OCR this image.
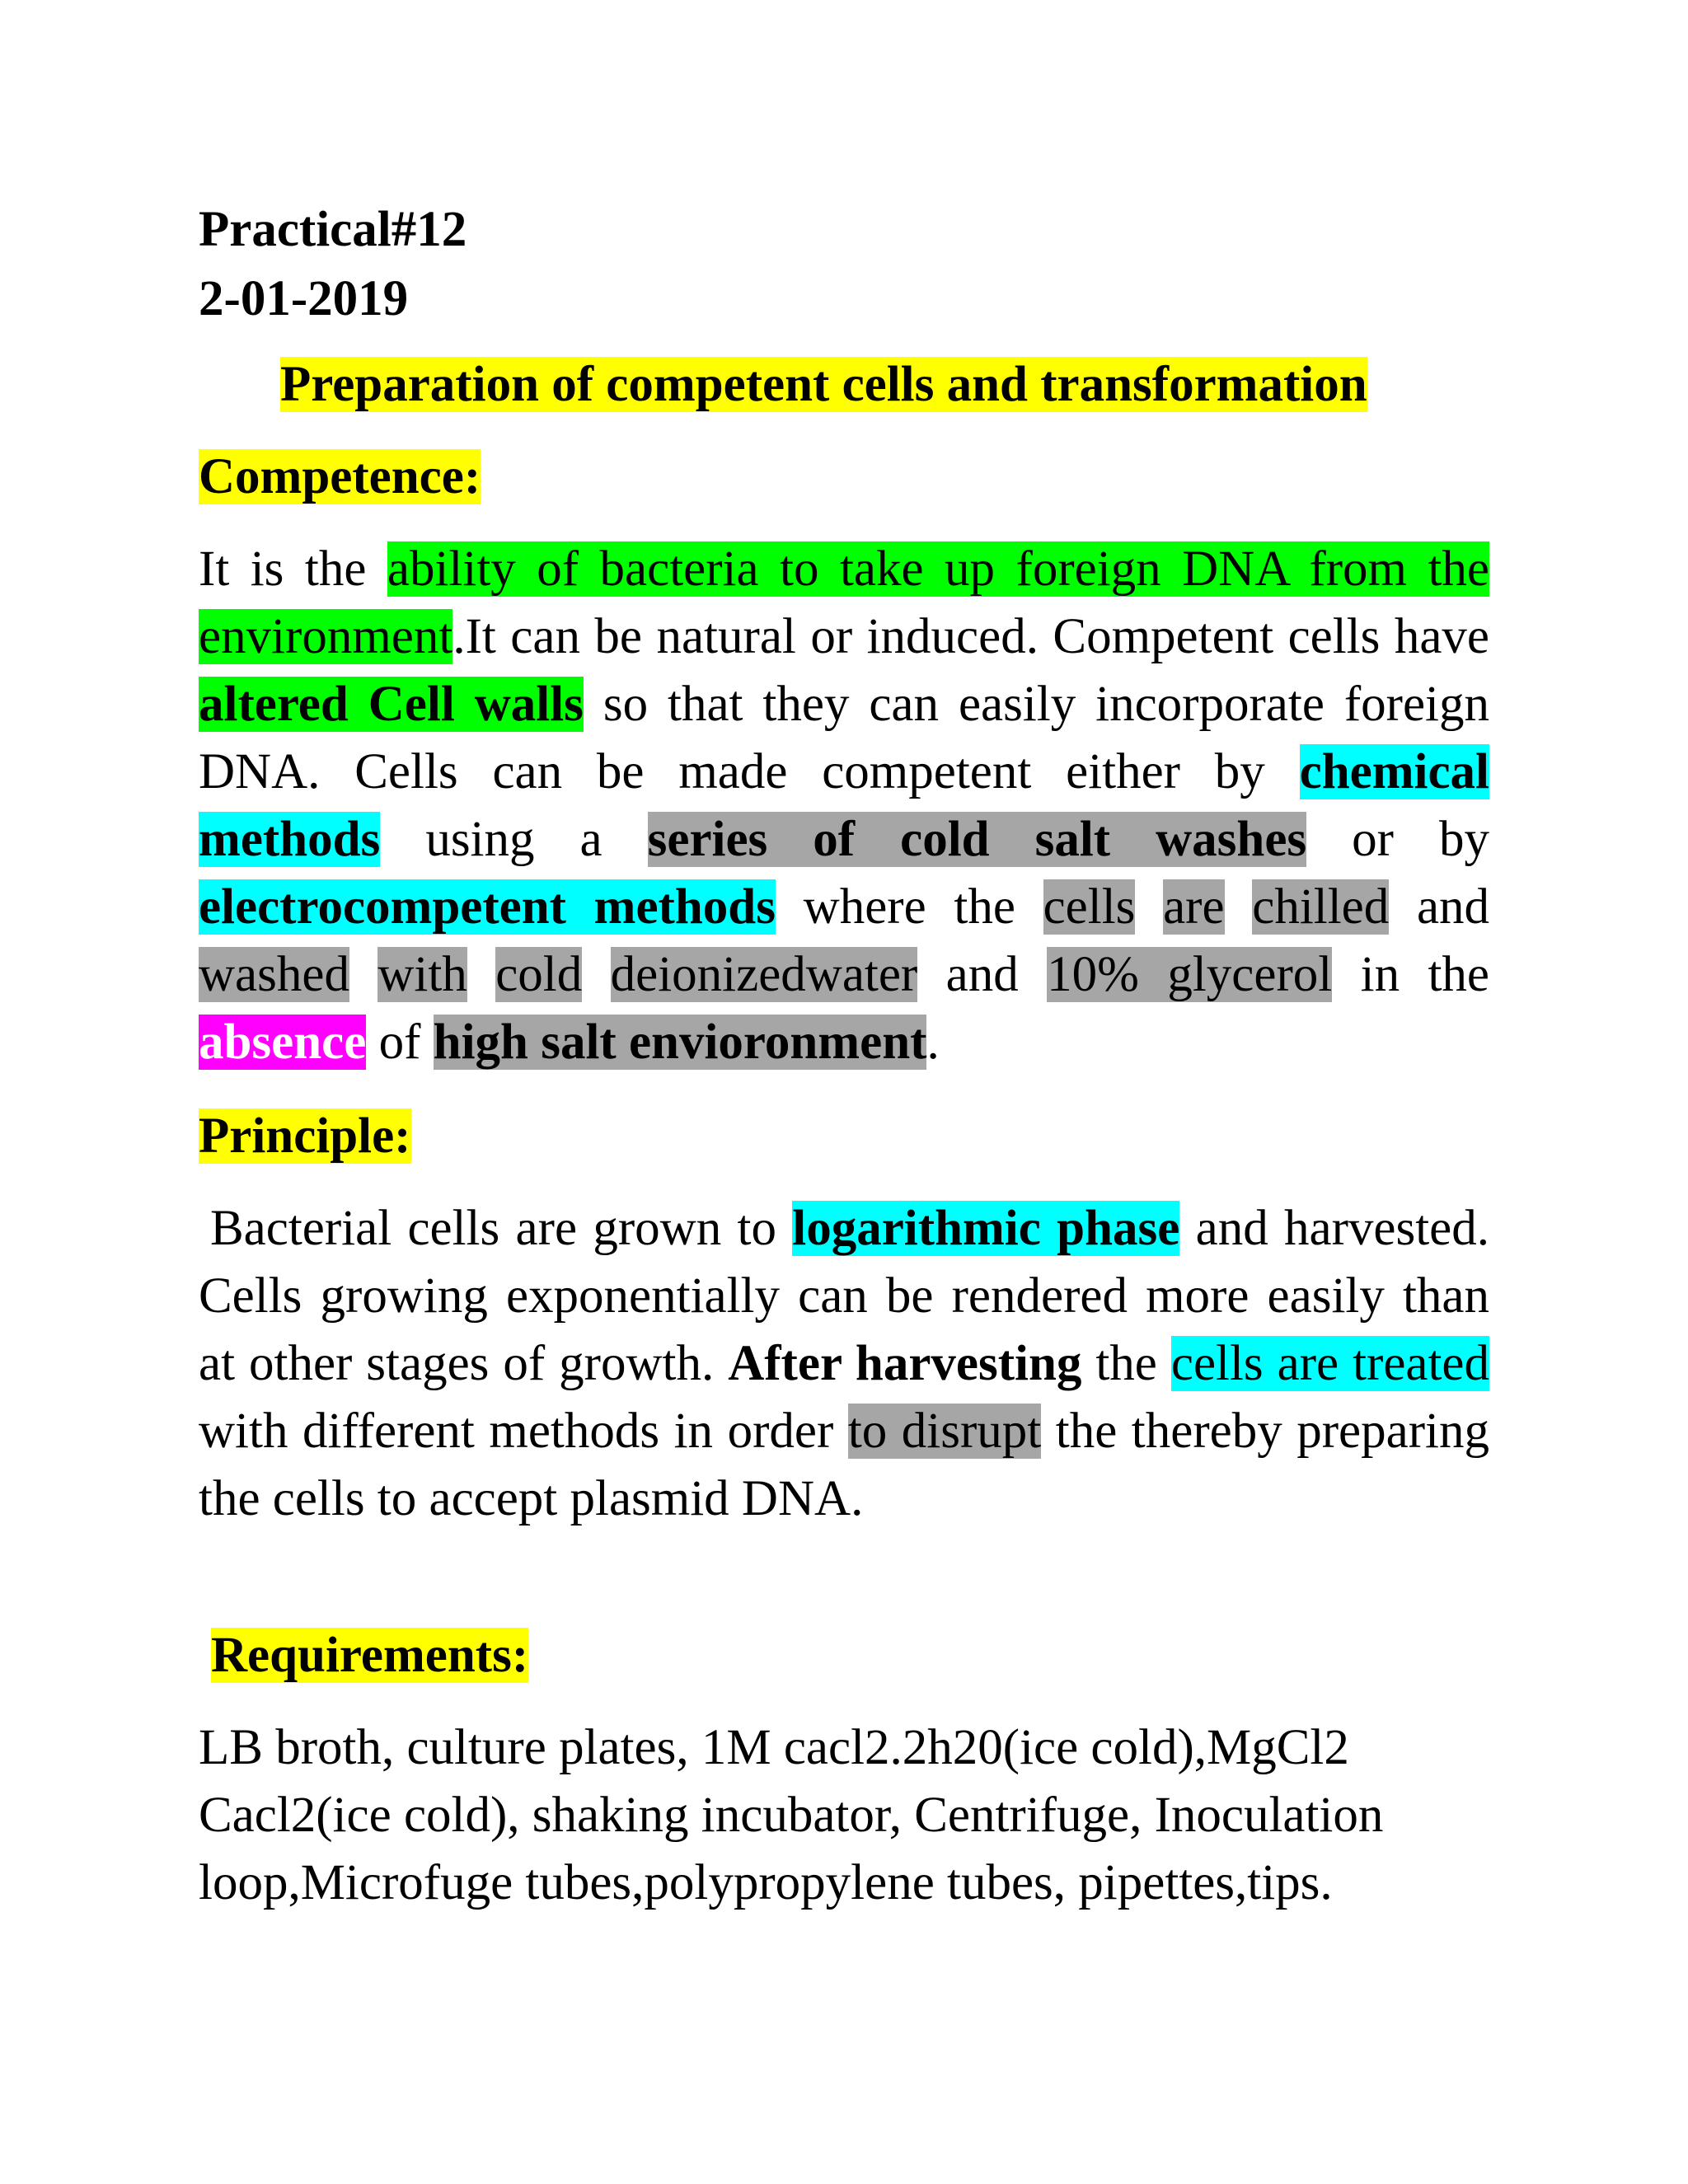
Practical#12
2-01-2019
Preparation of competent cells and transformation
Competence:

It is the ability of bacteria to take up foreign DNA from the environment.It can be natural or induced. Competent cells have altered Cell walls so that they can easily incorporate foreign DNA. Cells can be made competent either by chemical methods using a series of cold salt washes or by electrocompetent methods where the cells are chilled and washed with cold deionizedwater and 10% glycerol in the absence of high salt envioronment.

Principle:

Bacterial cells are grown to logarithmic phase and harvested. Cells growing exponentially can be rendered more easily than at other stages of growth. After harvesting the cells are treated with different methods in order to disrupt the thereby preparing the cells to accept plasmid DNA.

Requirements:

LB broth, culture plates, 1M cacl2.2h20(ice cold),MgCl2 Cacl2(ice cold), shaking incubator, Centrifuge, Inoculation loop,Microfuge tubes,polypropylene tubes, pipettes,tips.
